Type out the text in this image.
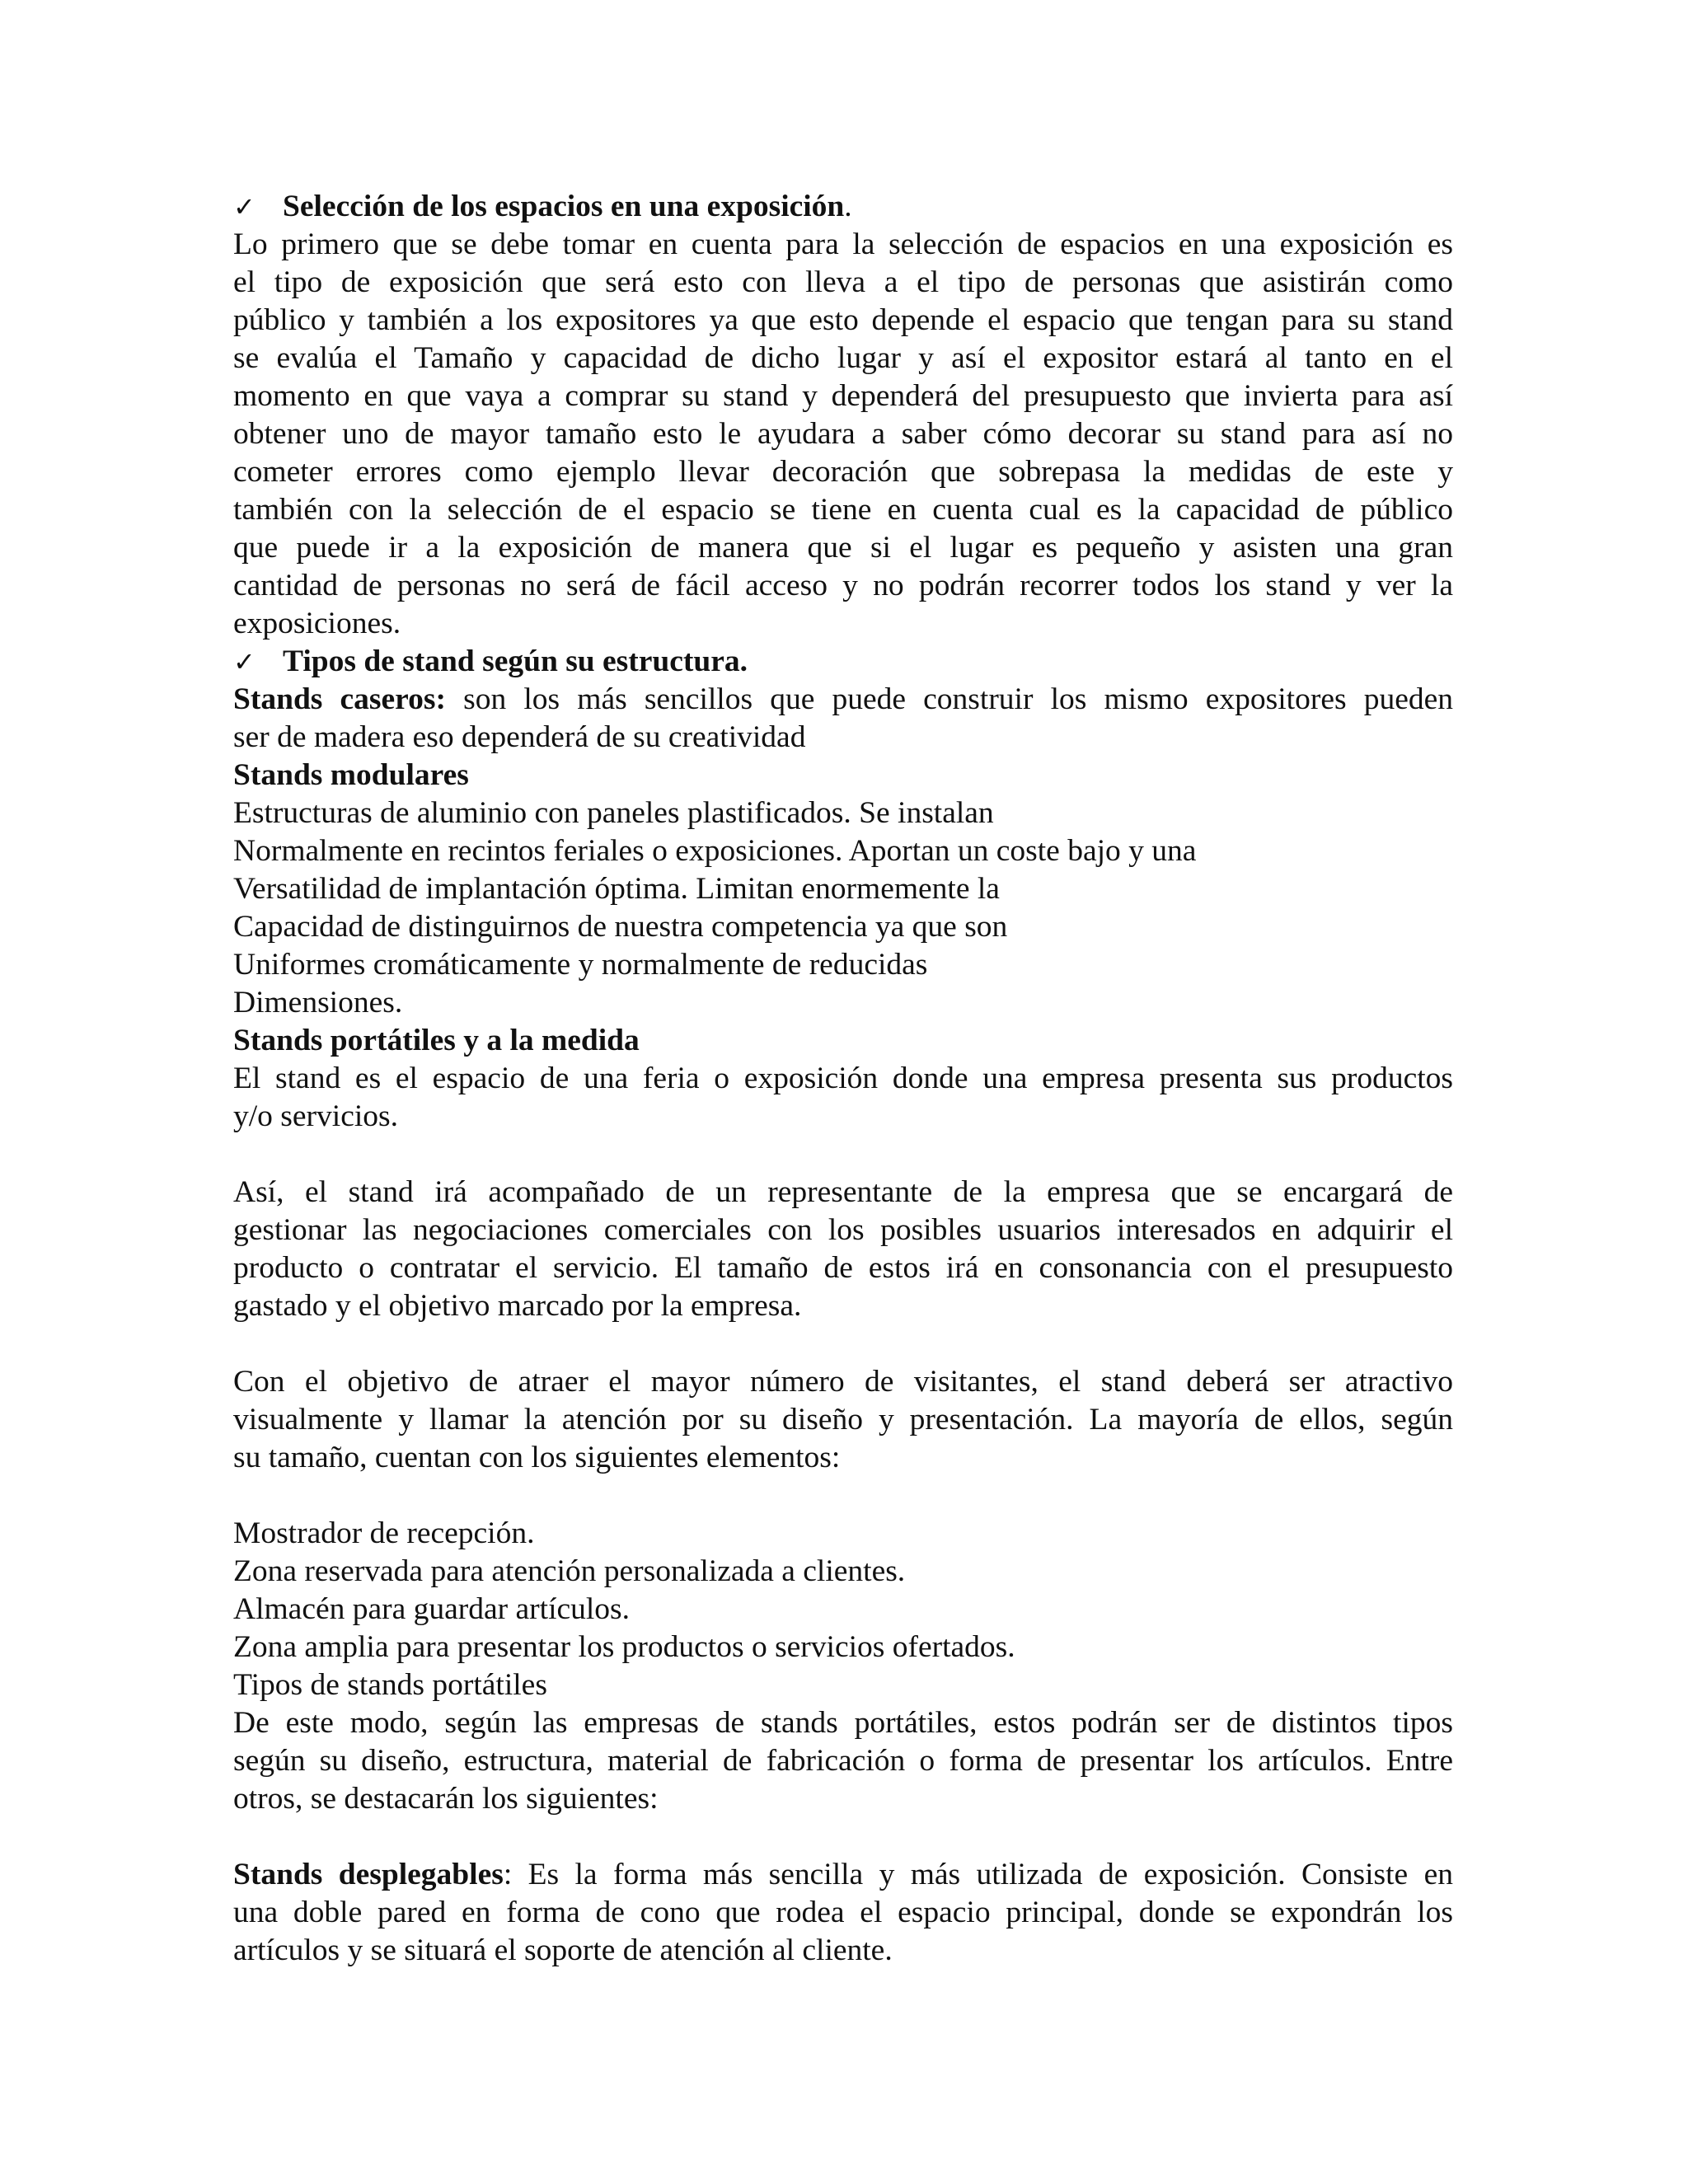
✓ Selección de los espacios en una exposición.
Lo primero que se debe tomar en cuenta para la selección de espacios en una exposición es
el tipo de exposición que será esto con lleva a el tipo de personas que asistirán como
público y también a los expositores ya que esto depende el espacio que tengan para su stand
se evalúa el Tamaño y capacidad de dicho lugar y así el expositor estará al tanto en el
momento en que vaya a comprar su stand y dependerá del presupuesto que invierta para así
obtener uno de mayor tamaño esto le ayudara a saber cómo decorar su stand para así no
cometer errores como ejemplo llevar decoración que sobrepasa la medidas de este y
también con la selección de el espacio se tiene en cuenta cual es la capacidad de público
que puede ir a la exposición de manera que si el lugar es pequeño y asisten una gran
cantidad de personas no será de fácil acceso y no podrán recorrer todos los stand y ver la
exposiciones.
✓ Tipos de stand según su estructura.
Stands caseros: son los más sencillos que puede construir los mismo expositores pueden
ser de madera eso dependerá de su creatividad
Stands modulares
Estructuras de aluminio con paneles plastificados. Se instalan
Normalmente en recintos feriales o exposiciones. Aportan un coste bajo y una
Versatilidad de implantación óptima. Limitan enormemente la
Capacidad de distinguirnos de nuestra competencia ya que son
Uniformes cromáticamente y normalmente de reducidas
Dimensiones.
Stands portátiles y a la medida
El stand es el espacio de una feria o exposición donde una empresa presenta sus productos
y/o servicios.
Así, el stand irá acompañado de un representante de la empresa que se encargará de
gestionar las negociaciones comerciales con los posibles usuarios interesados en adquirir el
producto o contratar el servicio. El tamaño de estos irá en consonancia con el presupuesto
gastado y el objetivo marcado por la empresa.
Con el objetivo de atraer el mayor número de visitantes, el stand deberá ser atractivo
visualmente y llamar la atención por su diseño y presentación. La mayoría de ellos, según
su tamaño, cuentan con los siguientes elementos:
Mostrador de recepción.
Zona reservada para atención personalizada a clientes.
Almacén para guardar artículos.
Zona amplia para presentar los productos o servicios ofertados.
Tipos de stands portátiles
De este modo, según las empresas de stands portátiles, estos podrán ser de distintos tipos
según su diseño, estructura, material de fabricación o forma de presentar los artículos. Entre
otros, se destacarán los siguientes:
Stands desplegables: Es la forma más sencilla y más utilizada de exposición. Consiste en
una doble pared en forma de cono que rodea el espacio principal, donde se expondrán los
artículos y se situará el soporte de atención al cliente.
